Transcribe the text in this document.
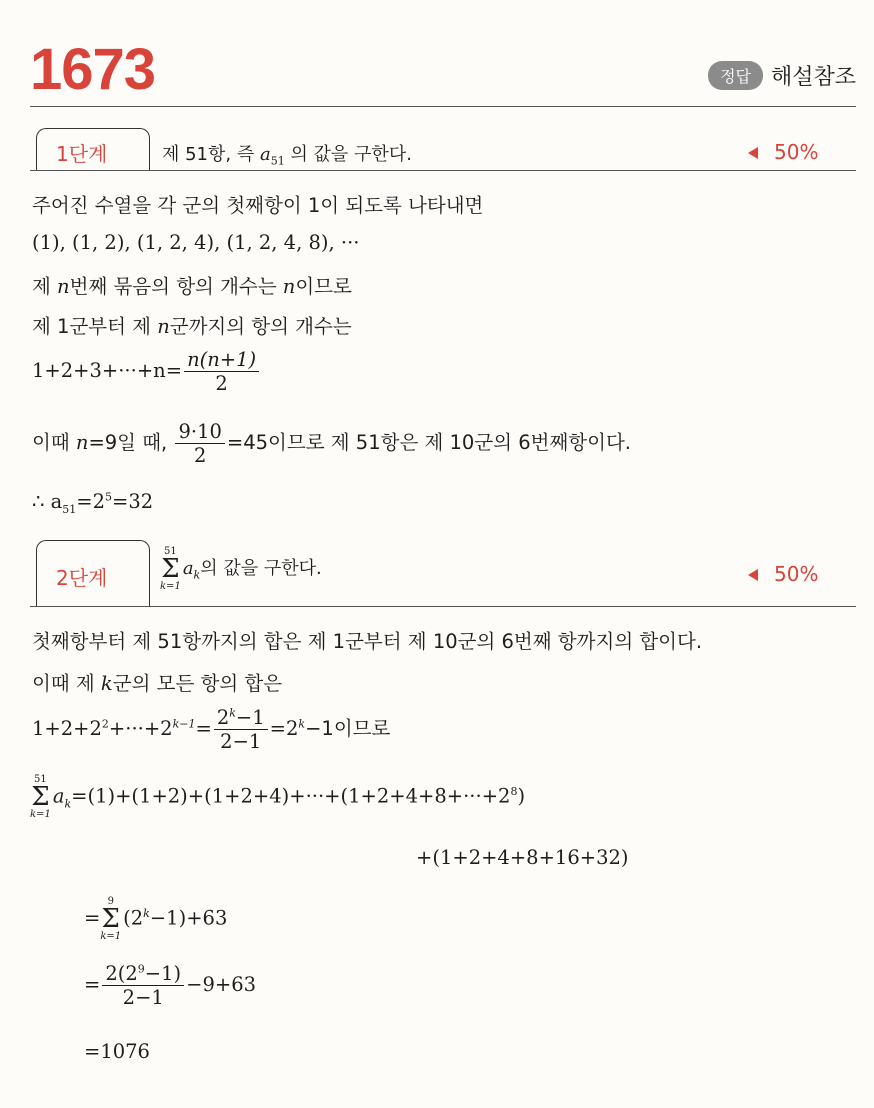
1673	정답 해설참조
1단계	제 51항, 즉 $a_{51}$ 의 값을 구한다.	50%
주어진 수열을 각 군의 첫째항이 1이 되도록 나타내면
(1), (1, 2), (1, 2, 4), (1, 2, 4, 8), ···
제 n번째 묶음의 항의 개수는 n이므로
제 1군부터 제 n군까지의 항의 개수는
$1+2+3+\cdot\cdot\cdot+n= \frac{n(n+1)}{2}$
이때 n=9일 때, $\frac{9\cdot 10}{2} =45$이므로 제 51항은 제 10군의 6번째항이다.
∴ $a_{51}=2^5=32$
2단계
51
Σ
k=1
$a_k$의 값을 구한다.	50%
첫째항부터 제 51항까지의 합은 제 1군부터 제 10군의 6번째 항까지의 합이다.
이때 제 k군의 모든 항의 합은
$1+2+2^2+\cdot\cdot\cdot+2^{k-1}= \frac{2^k-1}{2-1} =2^k-1$이므로
51
Σ
k=1
$a_k=(1)+(1+2)+(1+2+4)+\cdot\cdot\cdot+(1+2+4+8+\cdot\cdot\cdot+2^8)$
+(1+2+4+8+16+32)
=
9
Σ
k=1
$(2^k-1)+63$
= $\frac{2(2^9-1)}{2-1} -9+63$
=1076
